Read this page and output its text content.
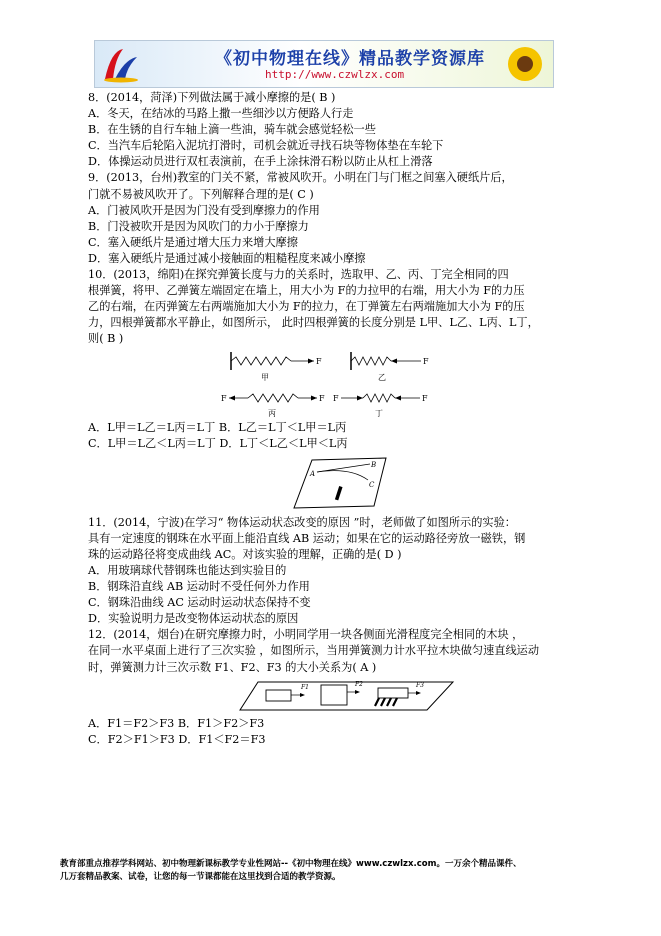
《初中物理在线》精品教学资源库
http://www.czwlzx.com
8．(2014，菏泽)下列做法属于减小摩擦的是( B )
A．冬天，在结冰的马路上撒一些细沙以方便路人行走
B．在生锈的自行车轴上滴一些油，骑车就会感觉轻松一些
C．当汽车后轮陷入泥坑打滑时，司机会就近寻找石块等物体垫在车轮下
D．体操运动员进行双杠表演前，在手上涂抹滑石粉以防止从杠上滑落
9．(2013，台州)教室的门关不紧，常被风吹开。小明在门与门框之间塞入硬纸片后，
门就不易被风吹开了。下列解释合理的是( C )
A．门被风吹开是因为门没有受到摩擦力的作用
B．门没被吹开是因为风吹门的力小于摩擦力
C．塞入硬纸片是通过增大压力来增大摩擦
D．塞入硬纸片是通过减小接触面的粗糙程度来减小摩擦
10．(2013，绵阳)在探究弹簧长度与力的关系时，选取甲、乙、丙、丁完全相同的四
根弹簧，将甲、乙弹簧左端固定在墙上，用大小为 F的力拉甲的右端，用大小为 F的力压
乙的右端，在丙弹簧左右两端施加大小为 F的拉力，在丁弹簧左右两端施加大小为 F的压
力，四根弹簧都水平静止，如图所示， 此时四根弹簧的长度分别是 L甲、L乙、L丙、L丁，
则( B )
F
甲
F
乙
F	F
丙
F	F
丁
A．L甲＝L乙＝L丙＝L丁 B．L乙＝L丁＜L甲＝L丙
C．L甲＝L乙＜L丙＝L丁 D．L丁＜L乙＜L甲＜L丙
A
B
C
11．(2014，宁波)在学习“ 物体运动状态改变的原因 ”时，老师做了如图所示的实验：
具有一定速度的钢珠在水平面上能沿直线 AB 运动；如果在它的运动路径旁放一磁铁，钢
珠的运动路径将变成曲线 AC。对该实验的理解，正确的是( D )
A．用玻璃球代替钢珠也能达到实验目的
B．钢珠沿直线 AB 运动时不受任何外力作用
C．钢珠沿曲线 AC 运动时运动状态保持不变
D．实验说明力是改变物体运动状态的原因
12．(2014，烟台)在研究摩擦力时，小明同学用一块各侧面光滑程度完全相同的木块 ，
在同一水平桌面上进行了三次实验 ，如图所示，当用弹簧测力计水平拉木块做匀速直线运动
时，弹簧测力计三次示数 F1、F2、F3 的大小关系为( A )
F1	F2	F3
A．F1＝F2＞F3 B．F1＞F2＞F3
C．F2＞F1＞F3 D．F1＜F2＝F3
教育部重点推荐学科网站、初中物理新课标教学专业性网站--《初中物理在线》www.czwlzx.com。一万余个精品课件、
几万套精品教案、试卷，让您的每一节课都能在这里找到合适的教学资源。
